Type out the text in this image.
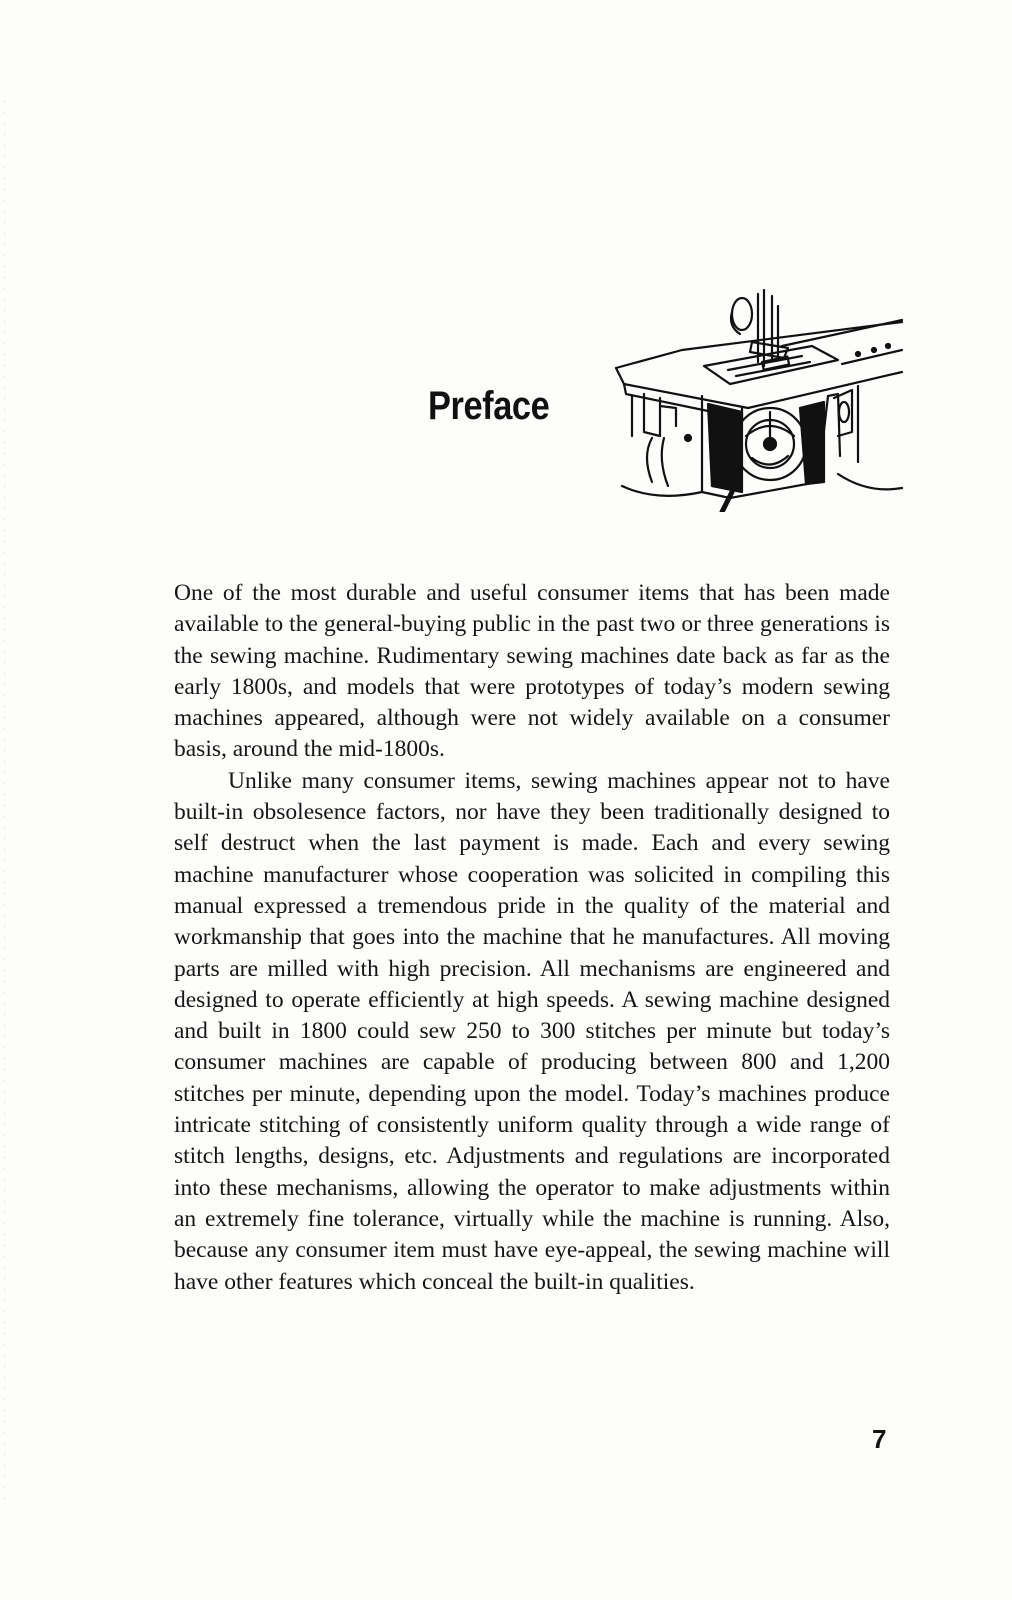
Preface

One of the most durable and useful consumer items that has been made available to the general-buying public in the past two or three generations is the sewing machine. Rudimentary sewing machines date back as far as the early 1800s, and models that were prototypes of today’s modern sewing machines appeared, although were not widely available on a consumer basis, around the mid-1800s.

Unlike many consumer items, sewing machines appear not to have built-in obsolesence factors, nor have they been traditionally designed to self destruct when the last payment is made. Each and every sewing machine manufacturer whose cooperation was solicited in compiling this manual expressed a tremendous pride in the quality of the material and workmanship that goes into the machine that he manufactures. All moving parts are milled with high precision. All mechanisms are engineered and designed to operate efficiently at high speeds. A sewing machine designed and built in 1800 could sew 250 to 300 stitches per minute but today’s consumer machines are capable of producing between 800 and 1,200 stitches per minute, depending upon the model. Today’s machines produce intricate stitching of consistently uniform quality through a wide range of stitch lengths, designs, etc. Adjustments and regulations are incorporated into these mechanisms, allowing the operator to make adjustments within an extremely fine tolerance, virtually while the machine is running. Also, because any consumer item must have eye-appeal, the sewing machine will have other features which conceal the built-in qualities.

7
